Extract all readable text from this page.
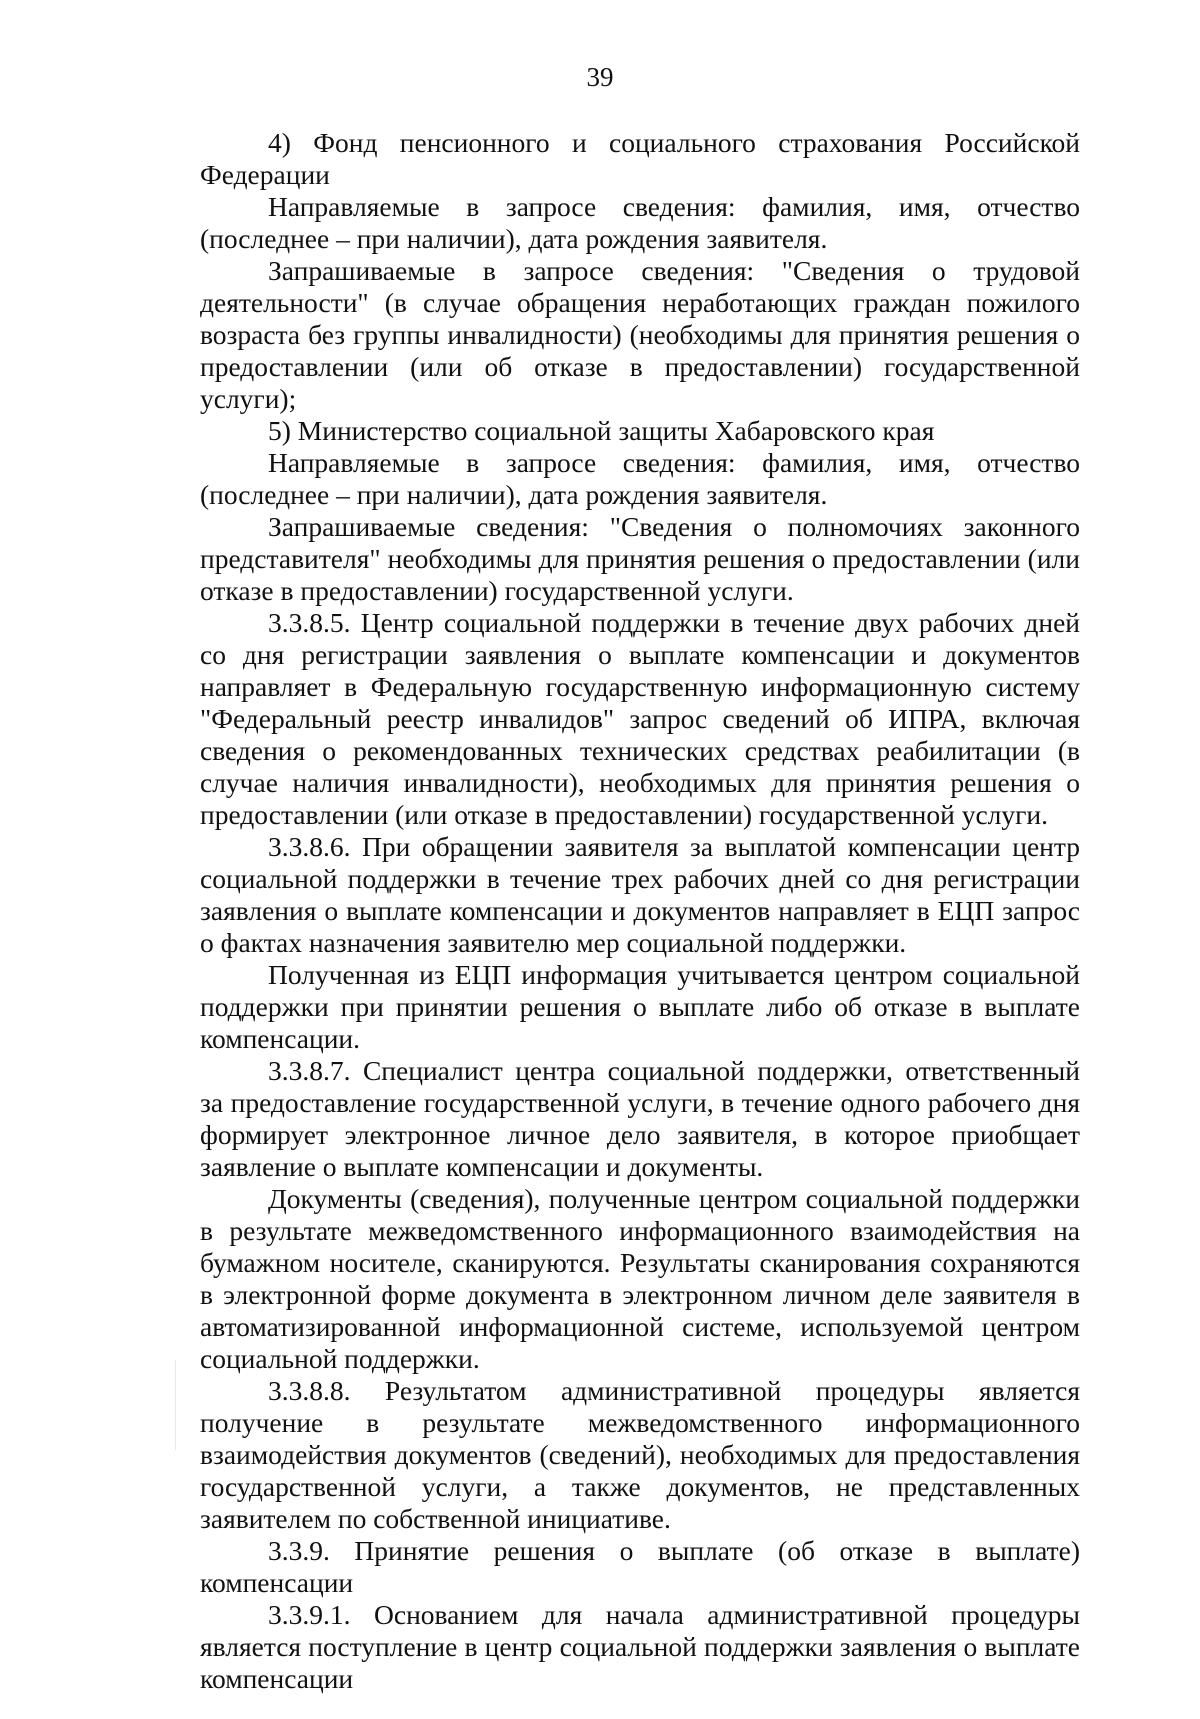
39

4) Фонд пенсионного и социального страхования Российской Федерации

Направляемые в запросе сведения: фамилия, имя, отчество (последнее – при наличии), дата рождения заявителя.

Запрашиваемые в запросе сведения: "Сведения о трудовой деятельности" (в случае обращения неработающих граждан пожилого возраста без группы инвалидности) (необходимы для принятия решения о предоставлении (или об отказе в предоставлении) государственной услуги);

5) Министерство социальной защиты Хабаровского края

Направляемые в запросе сведения: фамилия, имя, отчество (последнее – при наличии), дата рождения заявителя.

Запрашиваемые сведения: "Сведения о полномочиях законного представителя" необходимы для принятия решения о предоставлении (или отказе в предоставлении) государственной услуги.

3.3.8.5. Центр социальной поддержки в течение двух рабочих дней со дня регистрации заявления о выплате компенсации и документов направляет в Федеральную государственную информационную систему "Федеральный реестр инвалидов" запрос сведений об ИПРА, включая сведения о рекомендованных технических средствах реабилитации (в случае наличия инвалидности), необходимых для принятия решения о предоставлении (или отказе в предоставлении) государственной услуги.

3.3.8.6. При обращении заявителя за выплатой компенсации центр социальной поддержки в течение трех рабочих дней со дня регистрации заявления о выплате компенсации и документов направляет в ЕЦП запрос о фактах назначения заявителю мер социальной поддержки.

Полученная из ЕЦП информация учитывается центром социальной поддержки при принятии решения о выплате либо об отказе в выплате компенсации.

3.3.8.7. Специалист центра социальной поддержки, ответственный за предоставление государственной услуги, в течение одного рабочего дня формирует электронное личное дело заявителя, в которое приобщает заявление о выплате компенсации и документы.

Документы (сведения), полученные центром социальной поддержки в результате межведомственного информационного взаимодействия на бумажном носителе, сканируются. Результаты сканирования сохраняются в электронной форме документа в электронном личном деле заявителя в автоматизированной информационной системе, используемой центром социальной поддержки.

3.3.8.8. Результатом административной процедуры является получение в результате межведомственного информационного взаимодействия документов (сведений), необходимых для предоставления государственной услуги, а также документов, не представленных заявителем по собственной инициативе.

3.3.9. Принятие решения о выплате (об отказе в выплате) компенсации

3.3.9.1. Основанием для начала административной процедуры является поступление в центр социальной поддержки заявления о выплате компенсации
